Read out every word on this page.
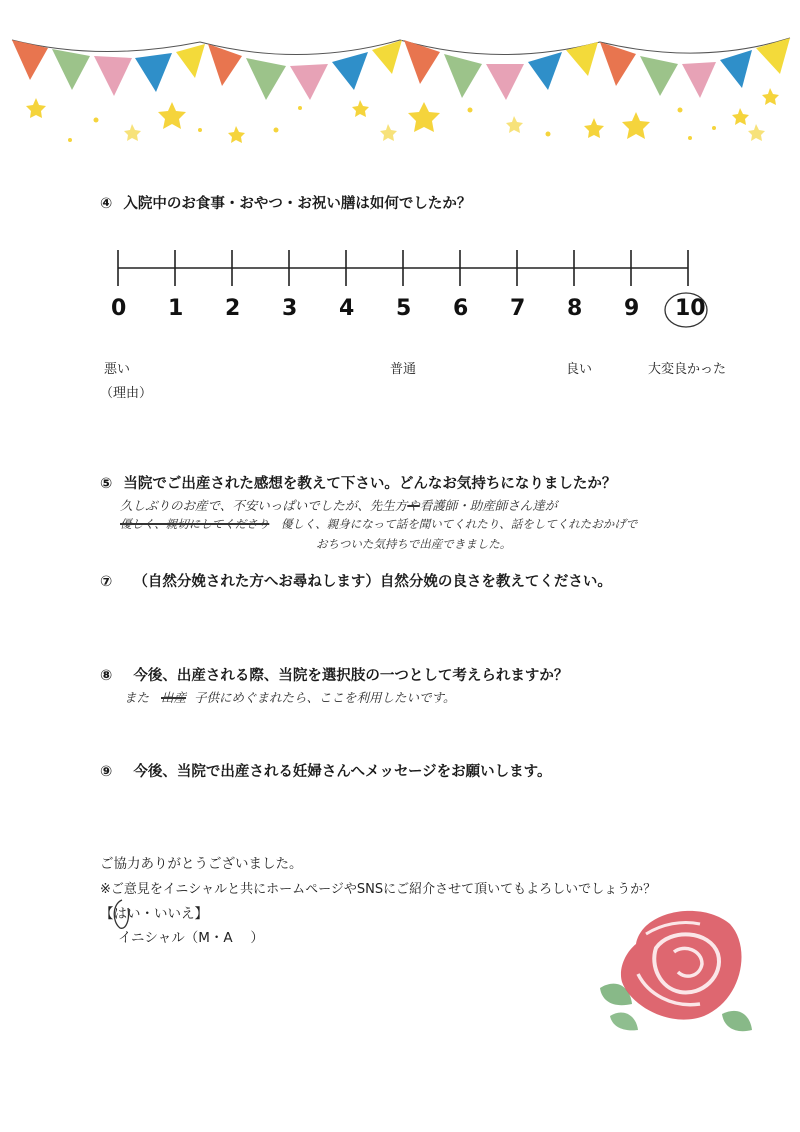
④ 入院中のお食事・おやつ・お祝い膳は如何でしたか？
0 1 2 3 4 5 6 7 8 9 10
悪い	普通	良い	大変良かった
（理由）
⑤ 当院でご出産された感想を教えて下さい。どんなお気持ちになりましたか？
久しぶりのお産で、不安いっぱいでしたが、先生方や看護師・助産師さん達が
優しく、親切にしてくださり 優しく、親身になって話を聞いてくれたり、話をしてくれたおかげで
おちついた気持ちで出産できました。
⑦ （自然分娩された方へお尋ねします）自然分娩の良さを教えてください。
⑧ 今後、出産される際、当院を選択肢の一つとして考えられますか？
また 出産 子供にめぐまれたら、ここを利用したいです。
⑨ 今後、当院で出産される妊婦さんへメッセージをお願いします。
ご協力ありがとうございました。
※ご意見をイニシャルと共にホームページやSNSにご紹介させて頂いてもよろしいでしょうか？
【はい・いいえ】
イニシャル（M・A　 ）
